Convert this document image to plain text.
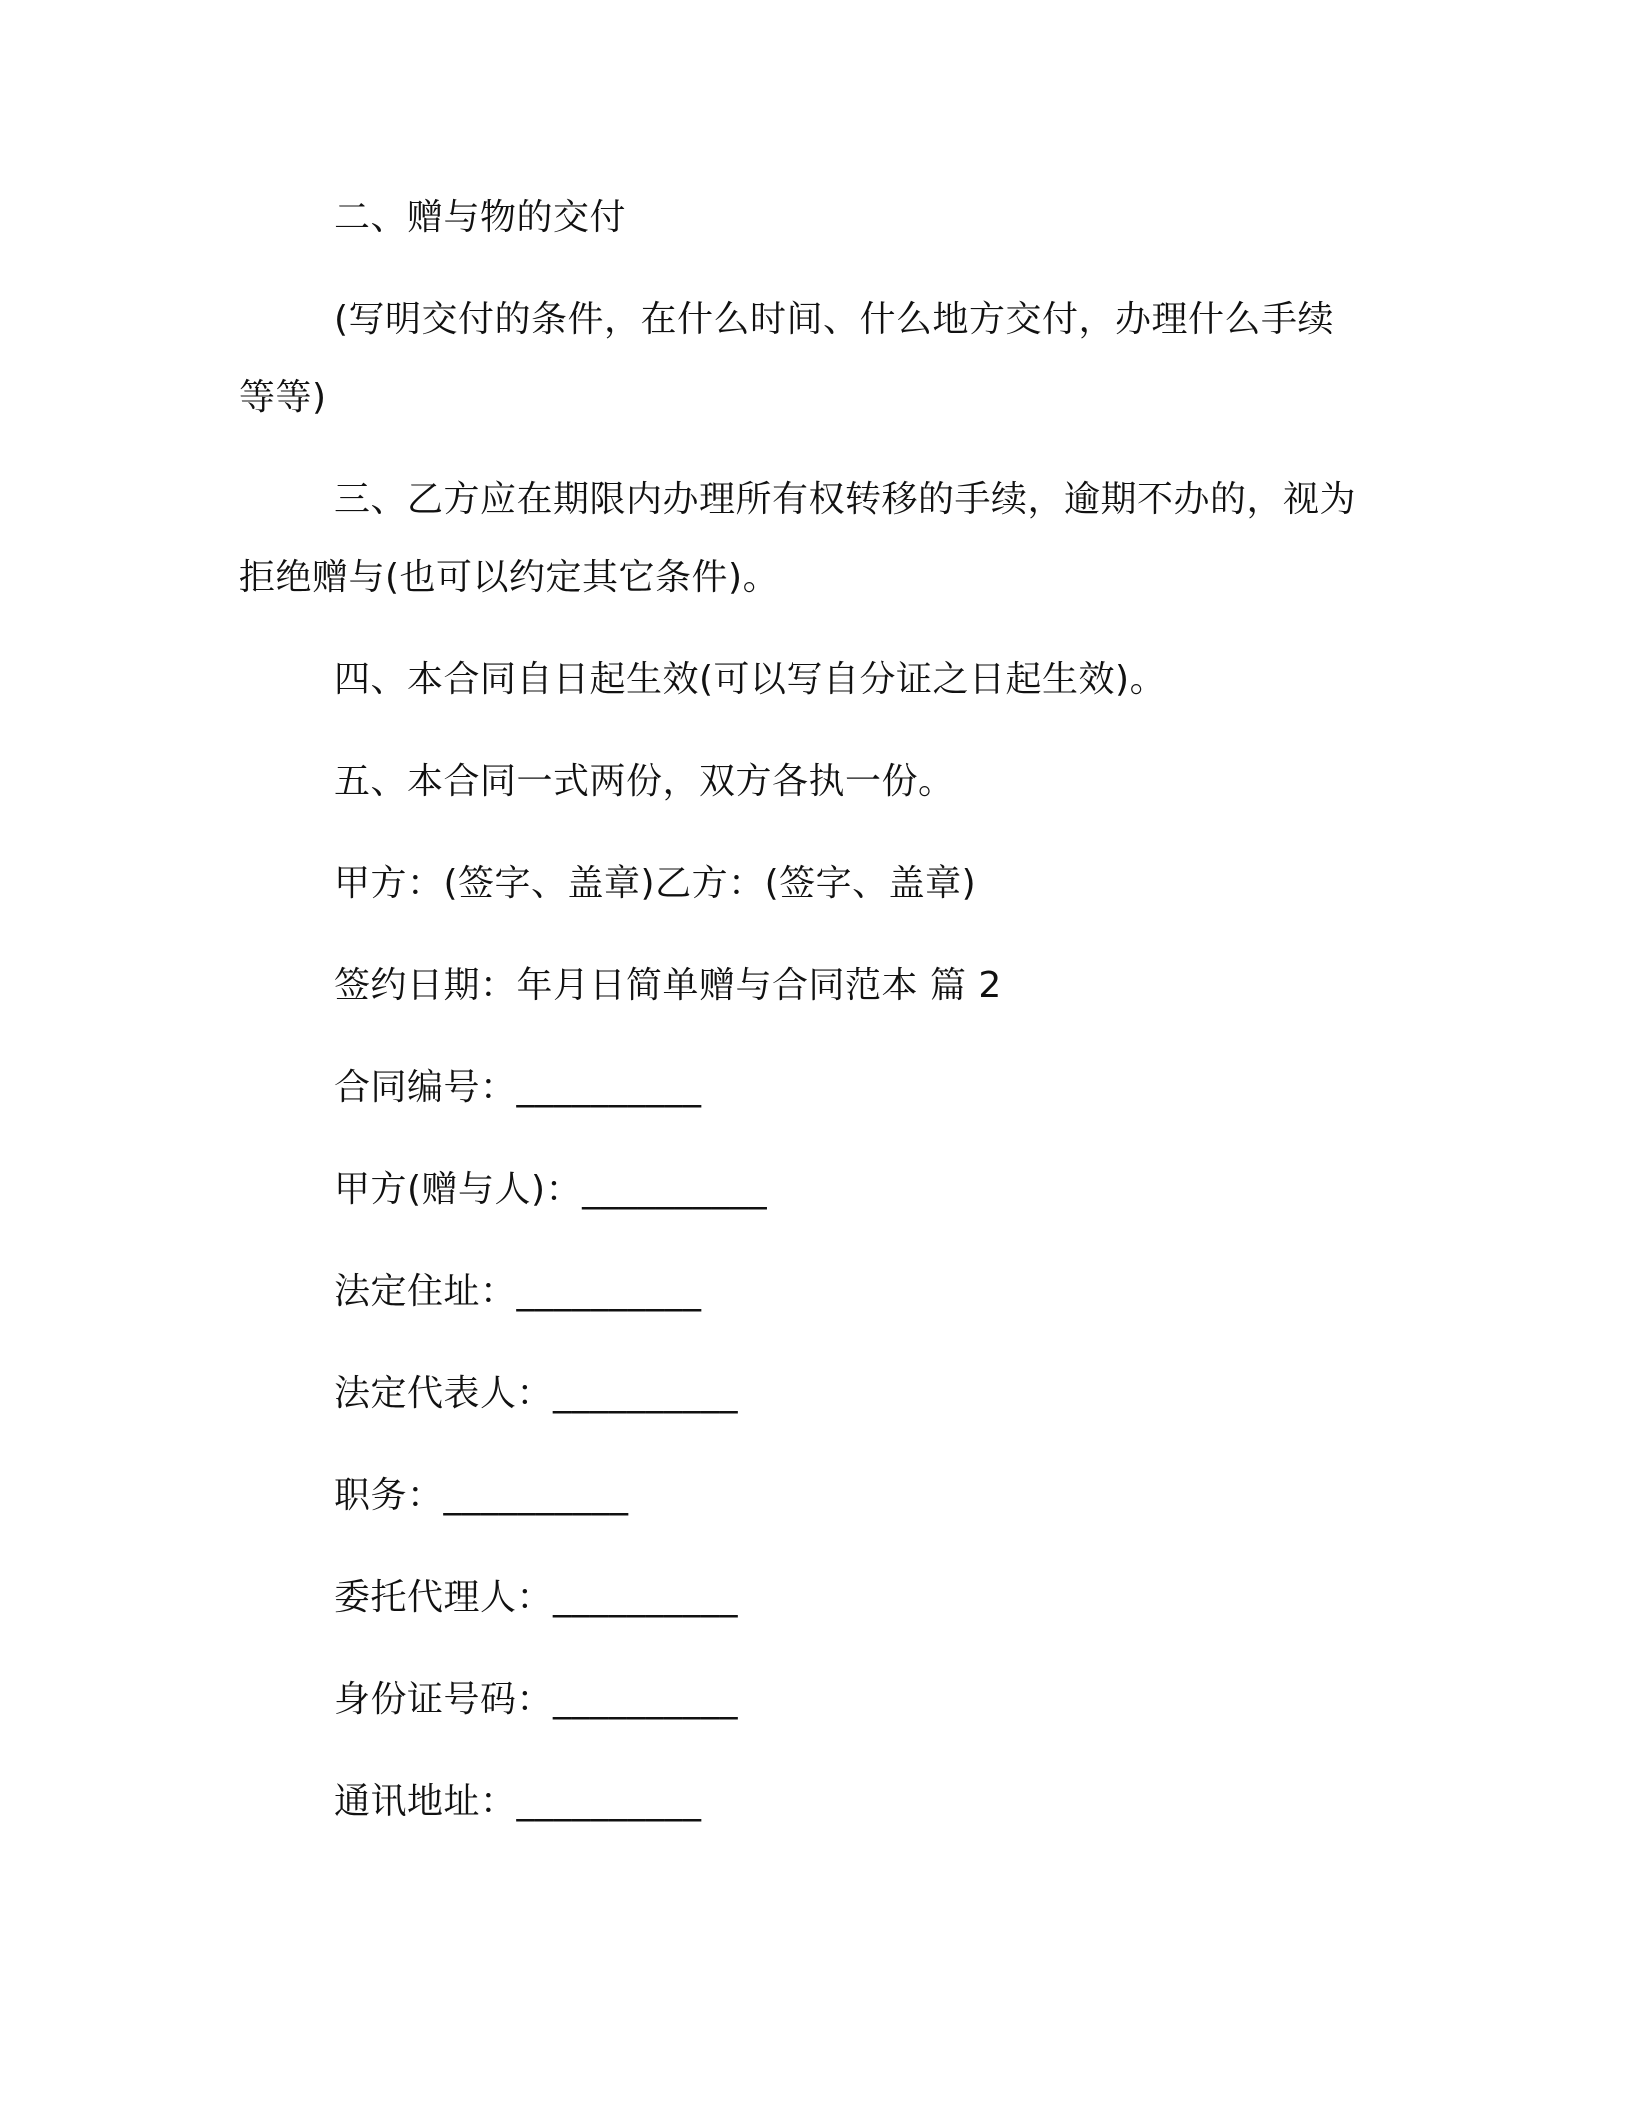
二、赠与物的交付
(写明交付的条件，在什么时间、什么地方交付，办理什么手续
等等)
三、乙方应在期限内办理所有权转移的手续，逾期不办的，视为
拒绝赠与(也可以约定其它条件)。
四、本合同自日起生效(可以写自分证之日起生效)。
五、本合同一式两份，双方各执一份。
甲方：(签字、盖章)乙方：(签字、盖章)
签约日期：年月日简单赠与合同范本 篇 2
合同编号：__________
甲方(赠与人)：__________
法定住址：__________
法定代表人：__________
职务：__________
委托代理人：__________
身份证号码：__________
通讯地址：__________
